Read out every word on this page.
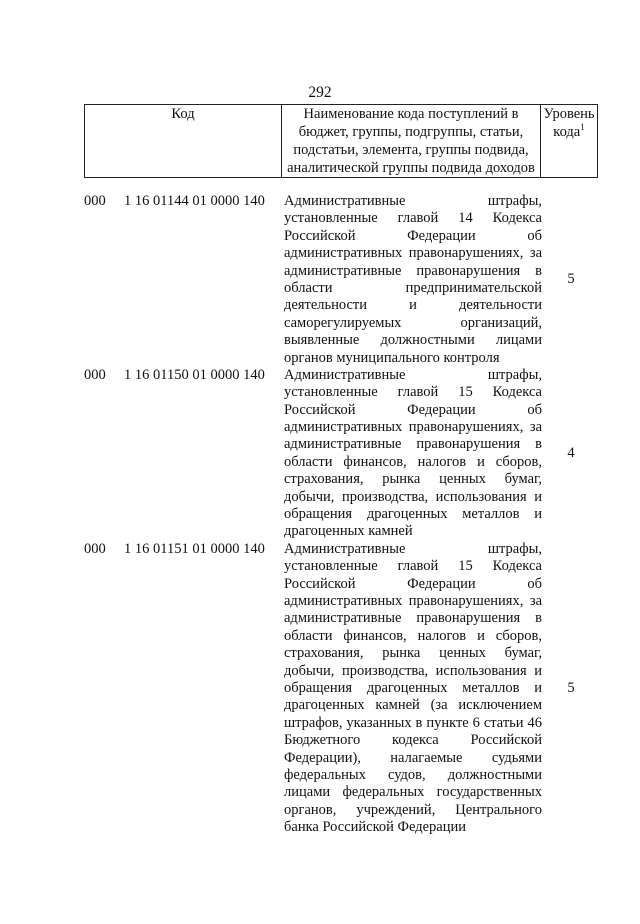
292
Код	Наименование кода поступлений в
бюджет, группы, подгруппы, статьи,
подстатьи, элемента, группы подвида,
аналитической группы подвида доходов

Уровень
кода$^1$
000	1 16 01144 01 0000 140	Административные штрафы,
установленные главой 14 Кодекса
Российской Федерации об
административных правонарушениях, за
административные правонарушения в
области предпринимательской
деятельности и деятельности
саморегулируемых организаций,
выявленные должностными лицами
органов муниципального контроля
5
000	1 16 01150 01 0000 140	Административные штрафы,
установленные главой 15 Кодекса
Российской Федерации об
административных правонарушениях, за
административные правонарушения в
области финансов, налогов и сборов,
страхования, рынка ценных бумаг,
добычи, производства, использования и
обращения драгоценных металлов и
драгоценных камней
4
000	1 16 01151 01 0000 140	Административные штрафы,
установленные главой 15 Кодекса
Российской Федерации об
административных правонарушениях, за
административные правонарушения в
области финансов, налогов и сборов,
страхования, рынка ценных бумаг,
добычи, производства, использования и
обращения драгоценных металлов и
драгоценных камней (за исключением
штрафов, указанных в пункте 6 статьи 46
Бюджетного кодекса Российской
Федерации), налагаемые судьями
федеральных судов, должностными
лицами федеральных государственных
органов, учреждений, Центрального
банка Российской Федерации
5
